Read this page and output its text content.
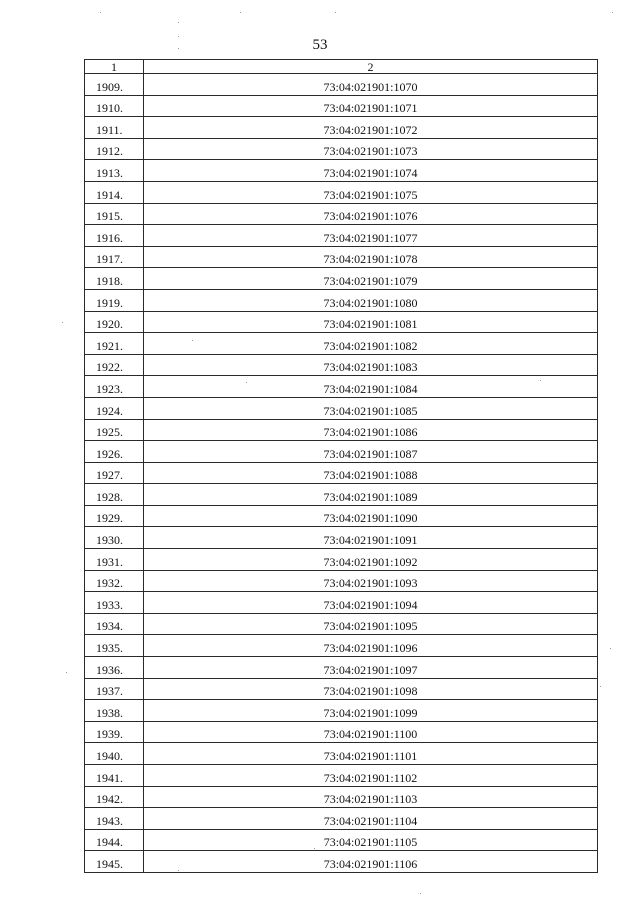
53
1	2
1909.	73:04:021901:1070
1910.	73:04:021901:1071
1911.	73:04:021901:1072
1912.	73:04:021901:1073
1913.	73:04:021901:1074
1914.	73:04:021901:1075
1915.	73:04:021901:1076
1916.	73:04:021901:1077
1917.	73:04:021901:1078
1918.	73:04:021901:1079
1919.	73:04:021901:1080
1920.	73:04:021901:1081
1921.	73:04:021901:1082
1922.	73:04:021901:1083
1923.	73:04:021901:1084
1924.	73:04:021901:1085
1925.	73:04:021901:1086
1926.	73:04:021901:1087
1927.	73:04:021901:1088
1928.	73:04:021901:1089
1929.	73:04:021901:1090
1930.	73:04:021901:1091
1931.	73:04:021901:1092
1932.	73:04:021901:1093
1933.	73:04:021901:1094
1934.	73:04:021901:1095
1935.	73:04:021901:1096
1936.	73:04:021901:1097
1937.	73:04:021901:1098
1938.	73:04:021901:1099
1939.	73:04:021901:1100
1940.	73:04:021901:1101
1941.	73:04:021901:1102
1942.	73:04:021901:1103
1943.	73:04:021901:1104
1944.	73:04:021901:1105
1945.	73:04:021901:1106
